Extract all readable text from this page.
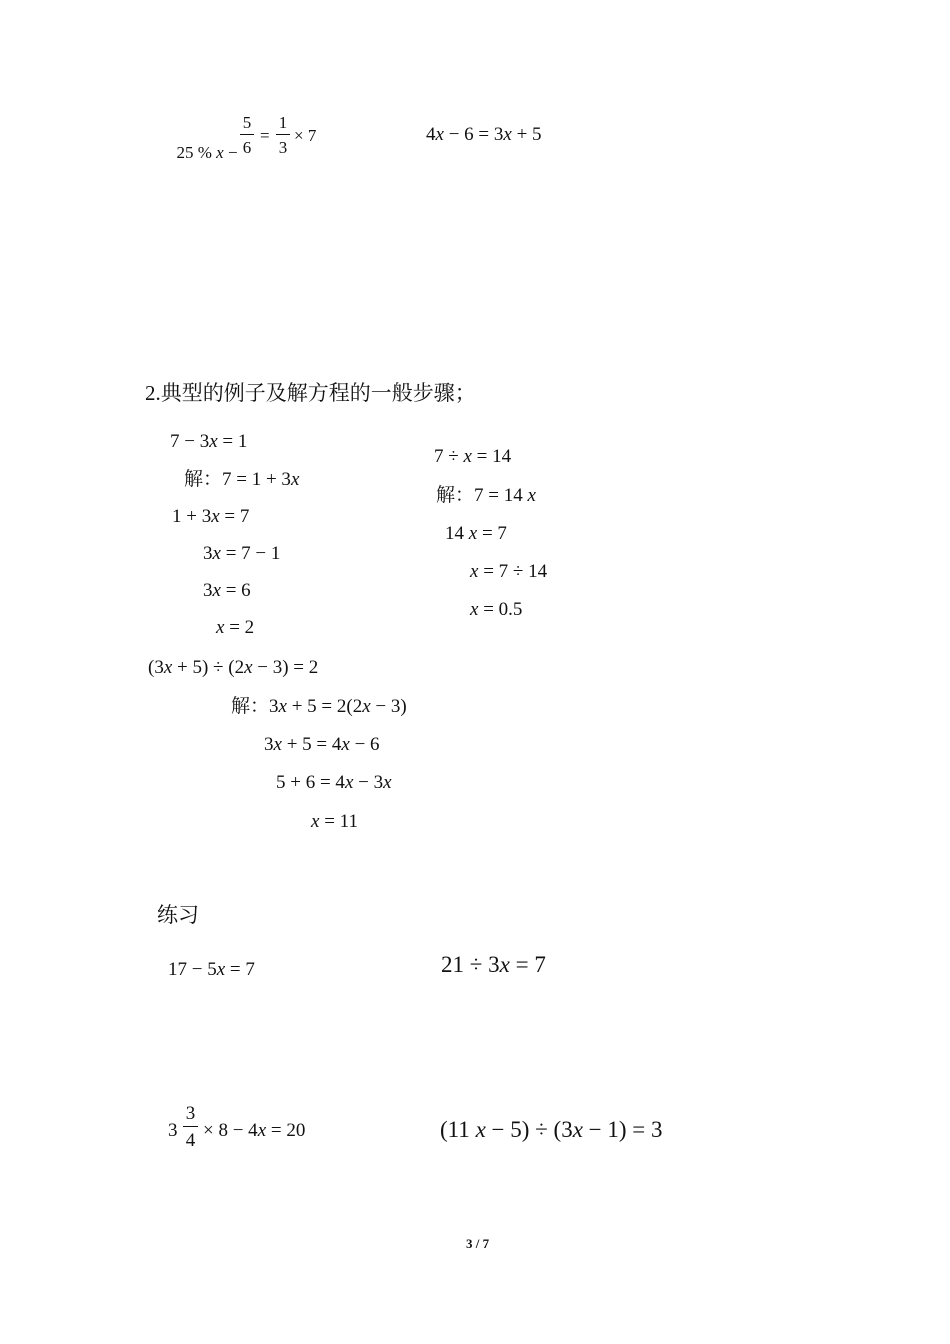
25 % x −

5
6
=
1
3
× 7	4x − 6 = 3x + 5
2.典型的例子及解方程的一般步骤；
7 − 3x = 1
解：7 = 1 + 3x
1 + 3x = 7
3x = 7 − 1
3x = 6
x = 2
7 ÷ x = 14
解：7 = 14 x
14 x = 7
x = 7 ÷ 14
x = 0.5
(3x + 5) ÷ (2x − 3) = 2
解：3x + 5 = 2(2x − 3)
3x + 5 = 4x − 6
5 + 6 = 4x − 3x
x = 11
练习
17 − 5x = 7	21 ÷ 3x = 7
3
3
4 × 8 − 4x = 20	(11 x − 5) ÷ (3x − 1) = 3
3 / 7
